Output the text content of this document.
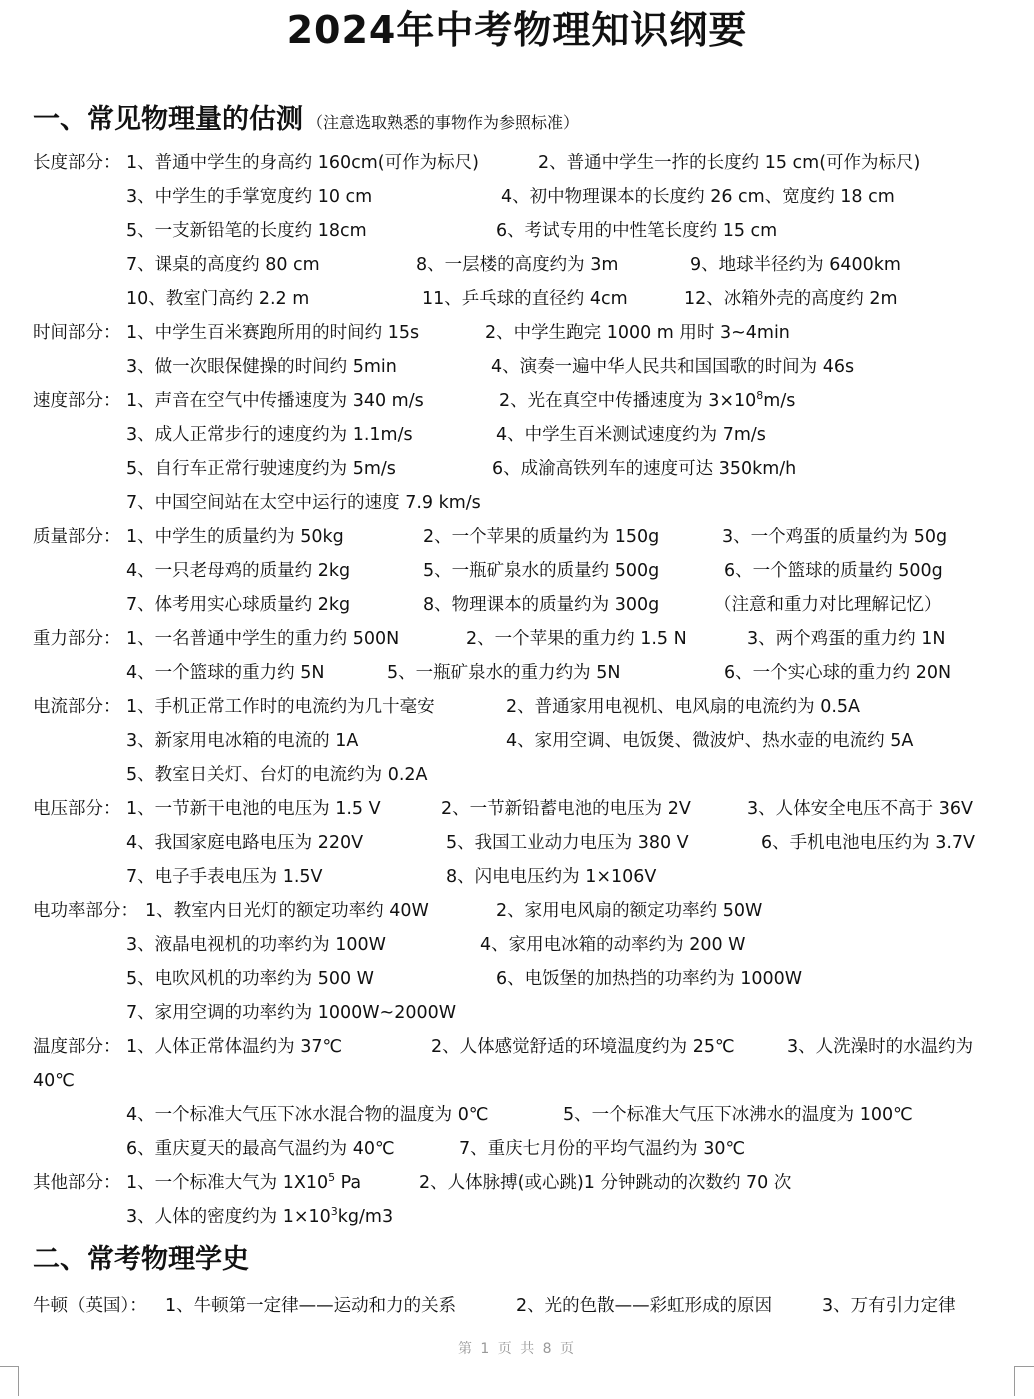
2024年中考物理知识纲要
一、常见物理量的估测 （注意选取熟悉的事物作为参照标准）
长度部分： 1、普通中学生的身高约 160cm(可作为标尺)	2、普通中学生一拃的长度约 15 cm(可作为标尺)
3、中学生的手掌宽度约 10 cm	4、初中物理课本的长度约 26 cm、宽度约 18 cm
5、一支新铅笔的长度约 18cm	6、考试专用的中性笔长度约 15 cm
7、课桌的高度约 80 cm	8、一层楼的高度约为 3m	9、地球半径约为 6400km
10、教室门高约 2.2 m	11、乒乓球的直径约 4cm	12、冰箱外壳的高度约 2m
时间部分： 1、中学生百米赛跑所用的时间约 15s	2、中学生跑完 1000 m 用时 3~4min
3、做一次眼保健操的时间约 5min	4、演奏一遍中华人民共和国国歌的时间为 46s
速度部分： 1、声音在空气中传播速度为 340 m/s	2、光在真空中传播速度为 $3\times 10^8m/s$
3、成人正常步行的速度约为 1.1m/s	4、中学生百米测试速度约为 7m/s
5、自行车正常行驶速度约为 5m/s	6、成渝高铁列车的速度可达 350km/h
7、中国空间站在太空中运行的速度 7.9 km/s
质量部分： 1、中学生的质量约为 50kg	2、一个苹果的质量约为 150g	3、一个鸡蛋的质量约为 50g
4、一只老母鸡的质量约 2kg	5、一瓶矿泉水的质量约 500g	6、一个篮球的质量约 500g
7、体考用实心球质量约 2kg	8、物理课本的质量约为 300g	（注意和重力对比理解记忆）
重力部分： 1、一名普通中学生的重力约 500N	2、一个苹果的重力约 1.5 N	3、两个鸡蛋的重力约 1N
4、一个篮球的重力约 5N	5、一瓶矿泉水的重力约为 5N	6、一个实心球的重力约 20N
电流部分： 1、手机正常工作时的电流约为几十毫安	2、普通家用电视机、电风扇的电流约为 0.5A
3、新家用电冰箱的电流的 1A	4、家用空调、电饭煲、微波炉、热水壶的电流约 5A
5、教室日关灯、台灯的电流约为 0.2A
电压部分： 1、一节新干电池的电压为 1.5 V	2、一节新铅蓄电池的电压为 2V	3、人体安全电压不高于 36V
4、我国家庭电路电压为 220V	5、我国工业动力电压为 380 V	6、手机电池电压约为 3.7V
7、电子手表电压为 1.5V	8、闪电电压约为 1×106V
电功率部分： 1、教室内日光灯的额定功率约 40W	2、家用电风扇的额定功率约 50W
3、液晶电视机的功率约为 100W	4、家用电冰箱的动率约为 200 W
5、电吹风机的功率约为 500 W	6、电饭堡的加热挡的功率约为 1000W
7、家用空调的功率约为 1000W~2000W
温度部分： 1、人体正常体温约为 37℃	2、人体感觉舒适的环境温度约为 25℃	3、人洗澡时的水温约为
40℃
4、一个标准大气压下冰水混合物的温度为 0℃	5、一个标准大气压下冰沸水的温度为 100℃
6、重庆夏天的最高气温约为 40℃	7、重庆七月份的平均气温约为 30℃
其他部分： 1、一个标准大气为 $1X10^5$ Pa	2、人体脉搏(或心跳)1 分钟跳动的次数约 70 次
3、人体的密度约为 $1\times 10^3kg/m3$
二、常考物理学史
牛顿（英国）： 1、牛顿第一定律——运动和力的关系	2、光的色散——彩虹形成的原因	3、万有引力定律
第 1 页 共 8 页
